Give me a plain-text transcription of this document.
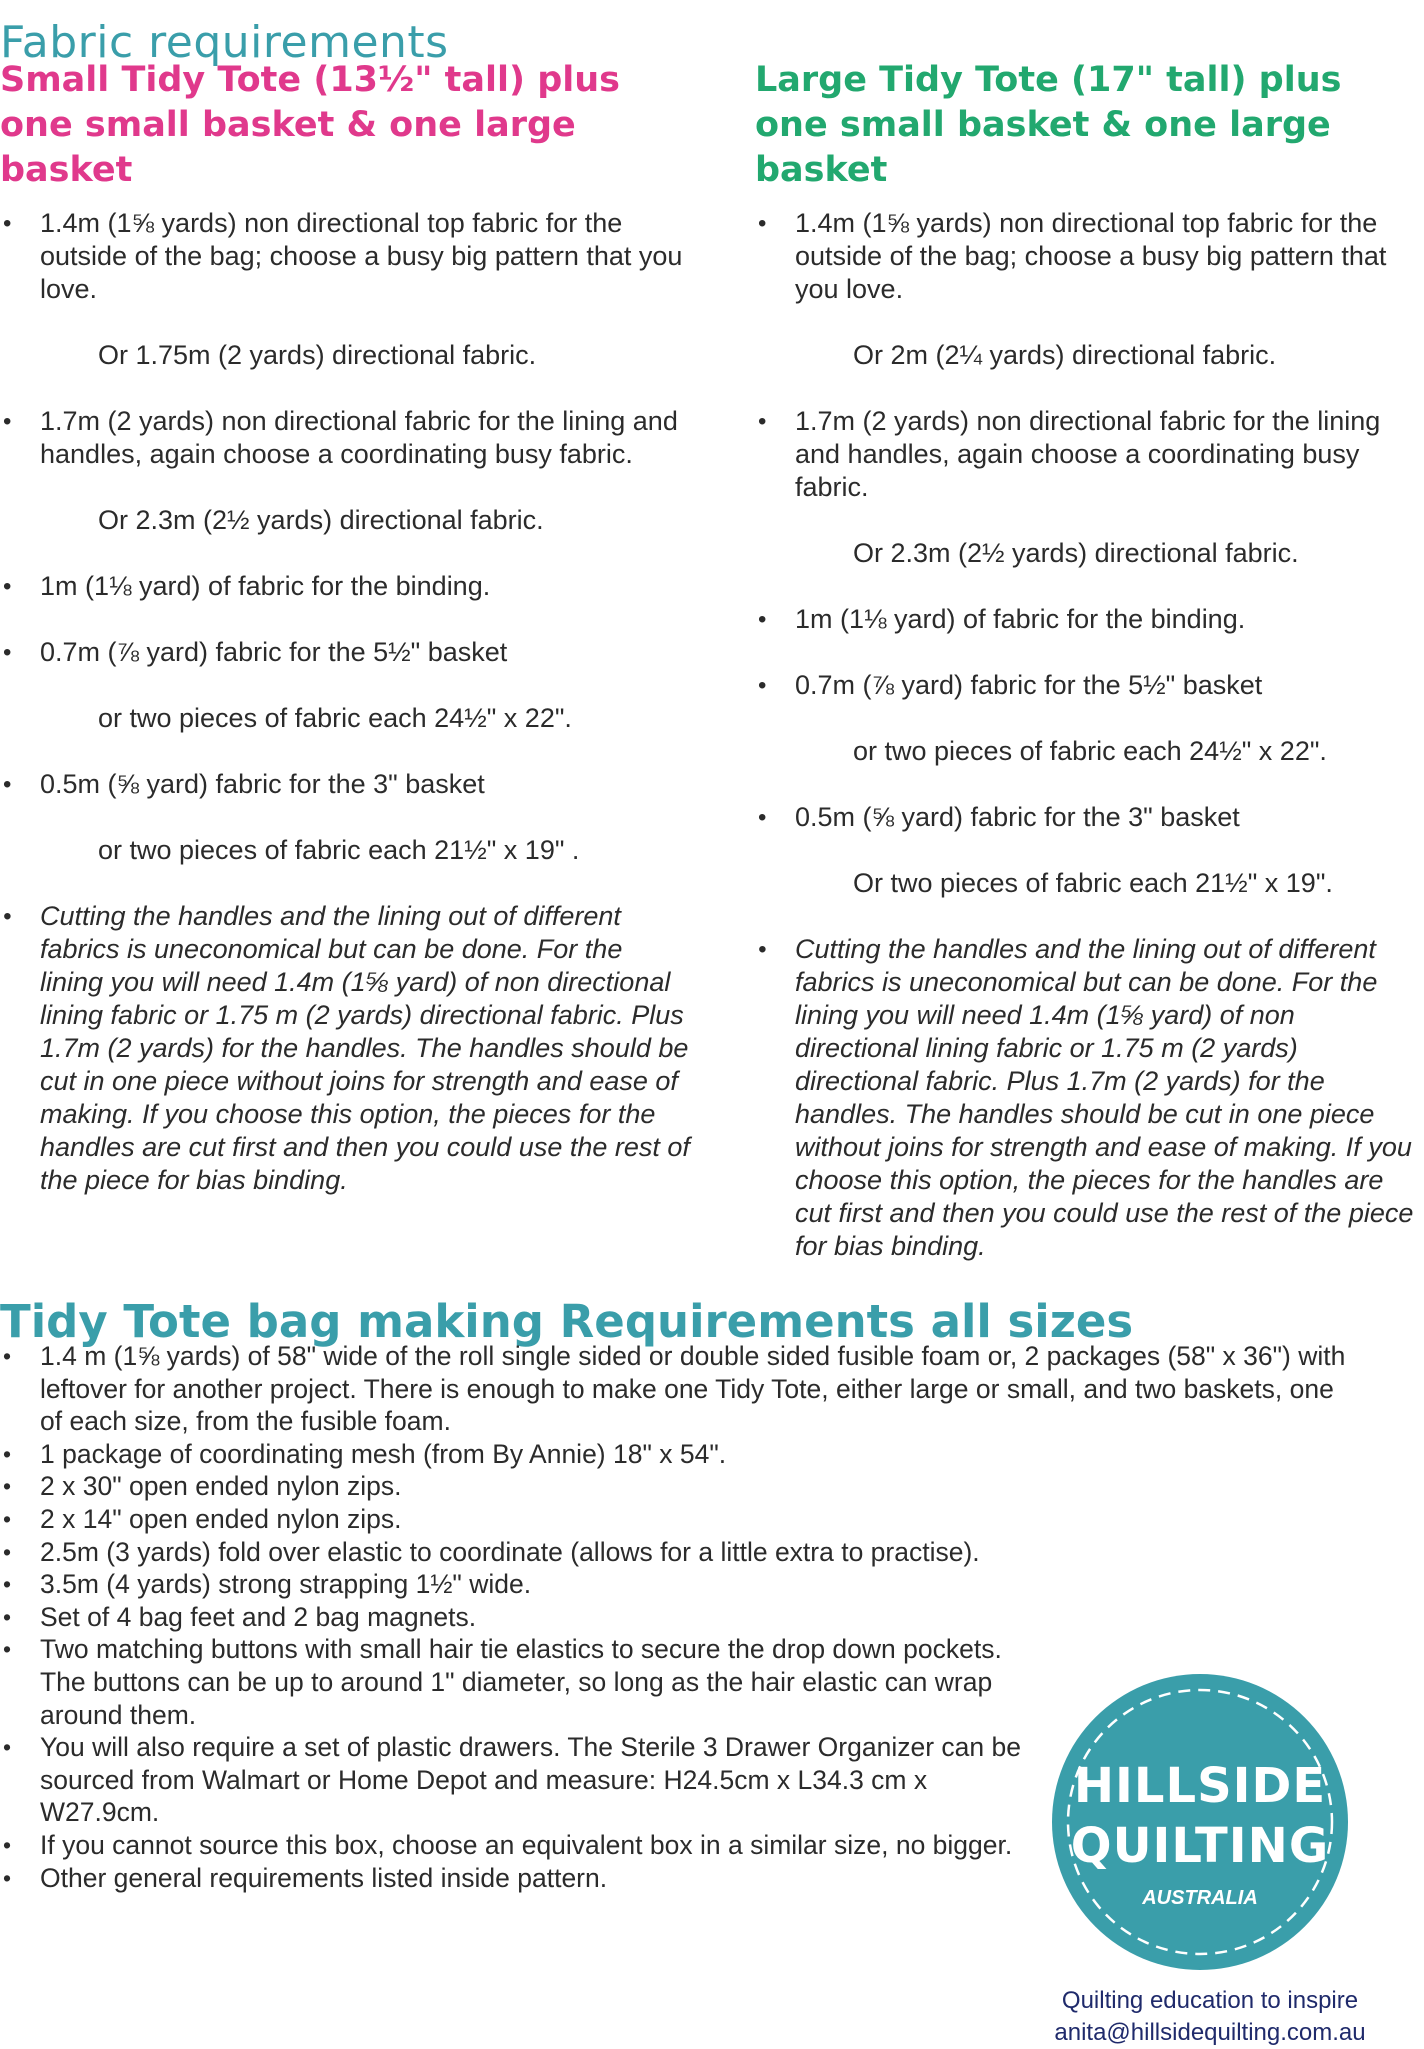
Fabric requirements
Small Tidy Tote (13½" tall) plus
one small basket & one large basket
• 1.4m (1⅝ yards) non directional top fabric for the outside of the bag; choose a busy big pattern that you love.
Or 1.75m (2 yards) directional fabric.
• 1.7m (2 yards) non directional fabric for the lining and handles, again choose a coordinating busy fabric.
Or 2.3m (2½ yards) directional fabric.
• 1m (1⅛ yard) of fabric for the binding.
• 0.7m (⅞ yard) fabric for the 5½" basket
or two pieces of fabric each 24½" x 22".
• 0.5m (⅝ yard) fabric for the 3" basket
or two pieces of fabric each 21½" x 19" .
• Cutting the handles and the lining out of different fabrics is uneconomical but can be done. For the lining you will need 1.4m (1⅝ yard) of non directional lining fabric or 1.75 m (2 yards) directional fabric. Plus 1.7m (2 yards) for the handles. The handles should be cut in one piece without joins for strength and ease of making. If you choose this option, the pieces for the handles are cut first and then you could use the rest of the piece for bias binding.
Large Tidy Tote (17" tall) plus
one small basket & one large basket
• 1.4m (1⅝ yards) non directional top fabric for the outside of the bag; choose a busy big pattern that you love.
Or 2m (2¼ yards) directional fabric.
• 1.7m (2 yards) non directional fabric for the lining and handles, again choose a coordinating busy fabric.
Or 2.3m (2½ yards) directional fabric.
• 1m (1⅛ yard) of fabric for the binding.
• 0.7m (⅞ yard) fabric for the 5½" basket
or two pieces of fabric each 24½" x 22".
• 0.5m (⅝ yard) fabric for the 3" basket
Or two pieces of fabric each 21½" x 19".
• Cutting the handles and the lining out of different fabrics is uneconomical but can be done. For the lining you will need 1.4m (1⅝ yard) of non directional lining fabric or 1.75 m (2 yards) directional fabric. Plus 1.7m (2 yards) for the handles. The handles should be cut in one piece without joins for strength and ease of making. If you choose this option, the pieces for the handles are cut first and then you could use the rest of the piece for bias binding.
Tidy Tote bag making Requirements all sizes
• 1.4 m (1⅝ yards) of 58" wide of the roll single sided or double sided fusible foam or, 2 packages (58" x 36") with leftover for another project. There is enough to make one Tidy Tote, either large or small, and two baskets, one of each size, from the fusible foam.
• 1 package of coordinating mesh (from By Annie) 18" x 54".
• 2 x 30" open ended nylon zips.
• 2 x 14" open ended nylon zips.
• 2.5m (3 yards) fold over elastic to coordinate (allows for a little extra to practise).
• 3.5m (4 yards) strong strapping 1½" wide.
• Set of 4 bag feet and 2 bag magnets.
• Two matching buttons with small hair tie elastics to secure the drop down pockets. The buttons can be up to around 1" diameter, so long as the hair elastic can wrap around them.
• You will also require a set of plastic drawers. The Sterile 3 Drawer Organizer can be sourced from Walmart or Home Depot and measure: H24.5cm x L34.3 cm x W27.9cm.
• If you cannot source this box, choose an equivalent box in a similar size, no bigger.
• Other general requirements listed inside pattern.
HILLSIDE
QUILTING
AUSTRALIA
Quilting education to inspire
anita@hillsidequilting.com.au
